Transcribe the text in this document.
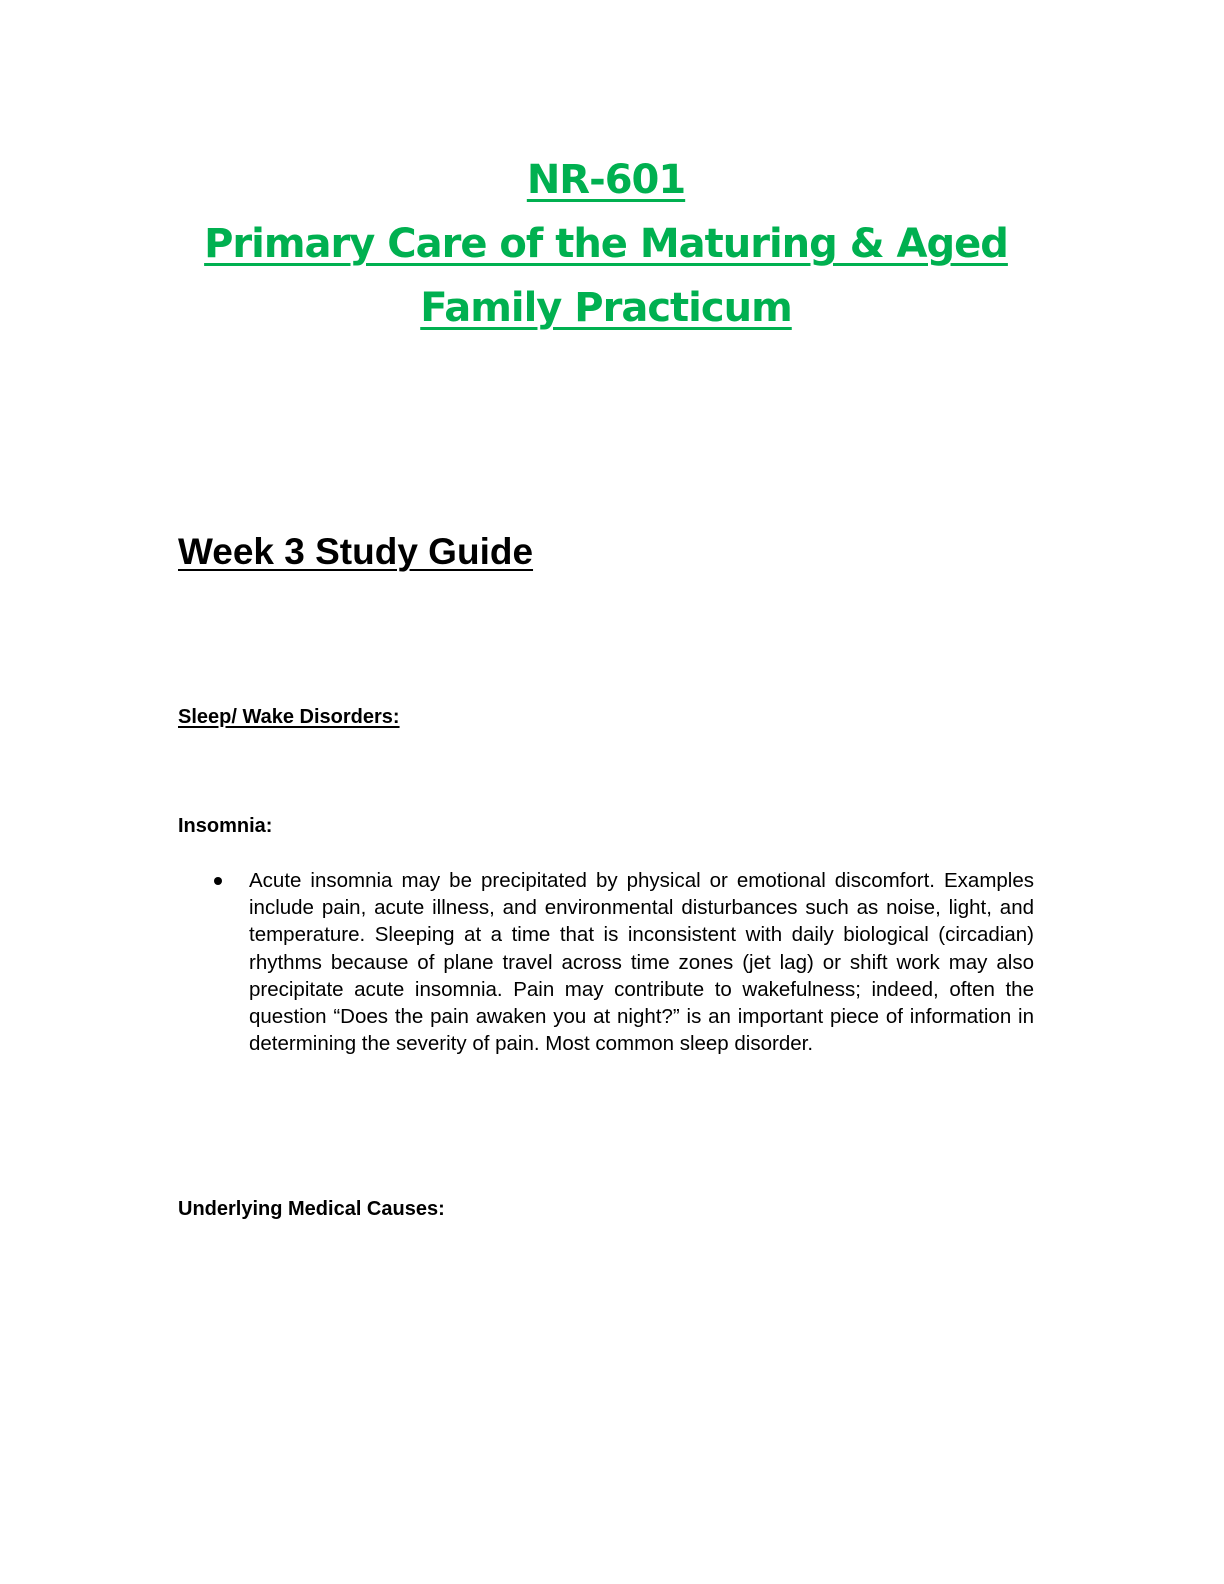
NR-601
Primary Care of the Maturing & Aged
Family Practicum
Week 3 Study Guide
Sleep/ Wake Disorders:
Insomnia:
Acute insomnia may be precipitated by physical or emotional discomfort. Examples include pain, acute illness, and environmental disturbances such as noise, light, and temperature. Sleeping at a time that is inconsistent with daily biological (circadian) rhythms because of plane travel across time zones (jet lag) or shift work may also precipitate acute insomnia. Pain may contribute to wakefulness; indeed, often the question “Does the pain awaken you at night?” is an important piece of information in determining the severity of pain. Most common sleep disorder.
Underlying Medical Causes:
